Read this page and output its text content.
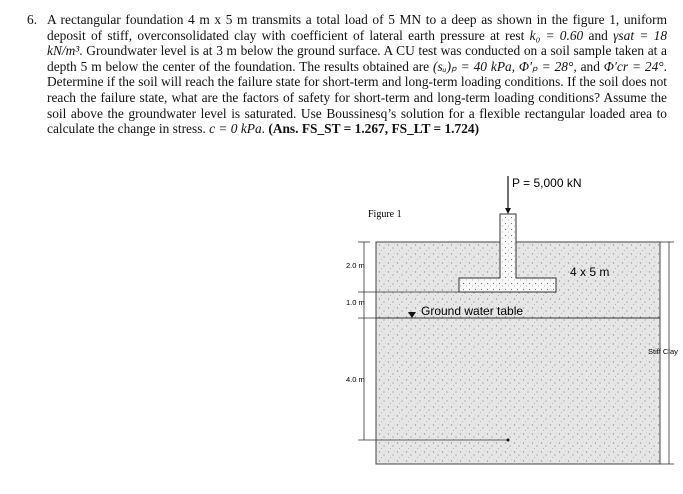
6. A rectangular foundation 4 m x 5 m transmits a total load of 5 MN to a deep as shown in the figure 1, uniform deposit of stiff, overconsolidated clay with coefficient of lateral earth pressure at rest k₀ = 0.60 and γsat = 18 kN/m³. Groundwater level is at 3 m below the ground surface. A CU test was conducted on a soil sample taken at a depth 5 m below the center of the foundation. The results obtained are (sᵤ)ₚ = 40 kPa, Φ′ₚ = 28°, and Φ′cr = 24°. Determine if the soil will reach the failure state for short-term and long-term loading conditions. If the soil does not reach the failure state, what are the factors of safety for short-term and long-term loading conditions? Assume the soil above the groundwater level is saturated. Use Boussinesq’s solution for a flexible rectangular loaded area to calculate the change in stress. c = 0 kPa. (Ans. FS_ST = 1.267, FS_LT = 1.724)
Ground water table
P = 5,000 kN
Figure 1
4 x 5 m
2.0 m
1.0 m
4.0 m
Stiff Clay
